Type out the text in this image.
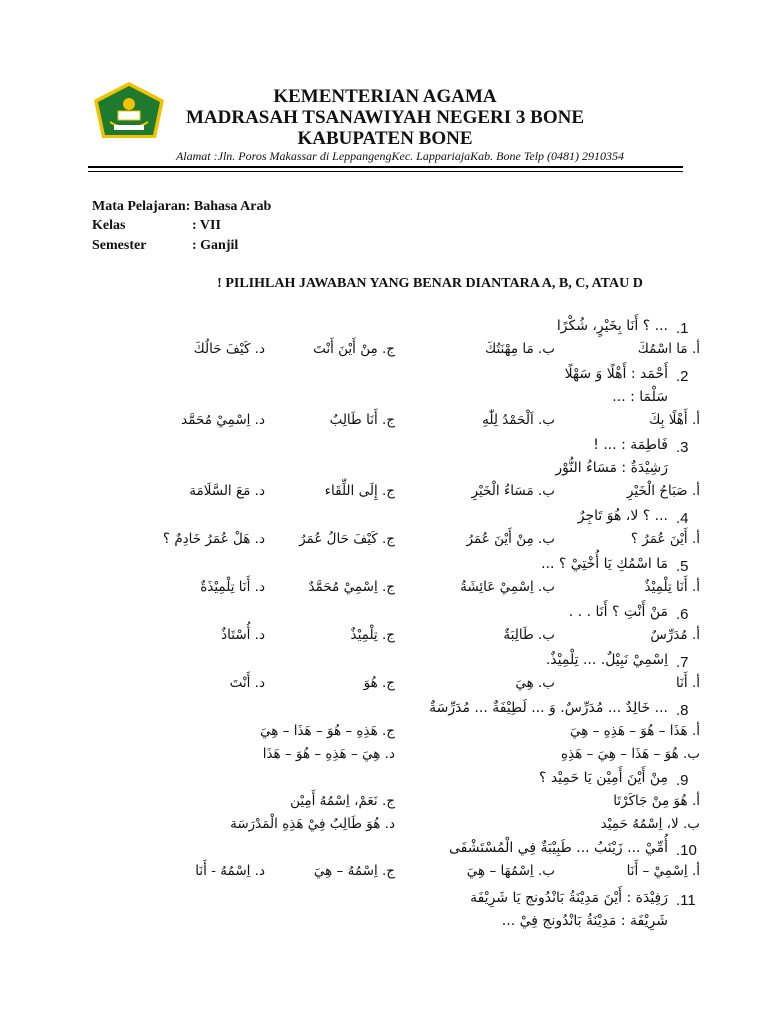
KEMENTERIAN AGAMA
MADRASAH TSANAWIYAH NEGERI 3 BONE
KABUPATEN BONE
Alamat :Jln. Poros Makassar di LeppangengKec. LappariajaKab. Bone Telp (0481) 2910354
Mata Pelajaran: Bahasa Arab
Kelas	: VII
Semester	: Ganjil
! PILIHLAH JAWABAN YANG BENAR DIANTARA A, B, C, ATAU D
.1
... ؟ أَنَا بِخَيْرٍ، شُكْرًا
أ. مَا اسْمُكَ
ب. مَا مِهْنَتُكَ
ج. مِنْ أَيْنَ أَنْتَ
د. كَيْفَ حَالُكَ
.2
أَحْمَد : أَهْلًا وَ سَهْلًا
سَلْمَا : ...
أ. أَهْلًا بِكَ
ب. اَلْحَمْدُ لِلّٰهِ
ج. أَنَا طَالِبٌ
د. اِسْمِيْ مُحَمَّد
.3
فَاطِمَة : ... !
رَشِيْدَةٌ : مَسَاءُ النُّوْر
أ. صَبَاحُ الْخَيْرِ
ب. مَسَاءُ الْخَيْرِ
ج. إِلَى اللِّقَاء
د. مَعَ السَّلَامَة
.4
... ؟ لا، هُوَ تَاجِرٌ
أ. أَيْنَ عُمَرُ ؟
ب. مِنْ أَيْنَ عُمَرُ
ج. كَيْفَ حَالُ عُمَرُ
د. هَلْ عُمَرُ خَادِمٌ ؟
.5
مَا اسْمُكِ يَا أُخْتِيْ ؟ ...
أ. أَنَا تِلْمِيْذٌ
ب. اِسْمِيْ عَائِشَةُ
ج. اِسْمِيْ مُحَمَّدٌ
د. أَنَا تِلْمِيْذَةٌ
.6
مَنْ أَنْتِ ؟ أَنَا . . .
أ. مُدَرِّسٌ
ب. طَالِبَةٌ
ج. تِلْمِيْذٌ
د. أُسْتَاذٌ
.7
اِسْمِيْ نَبِيْلٌ. ... تِلْمِيْذٌ.
أ. أَنَا
ب. هِيَ
ج. هُوَ
د. أَنْتَ
.8
... خَالِدٌ ... مُدَرِّسٌ. وَ ... لَطِيْفَةٌ ... مُدَرِّسَةٌ
أ. هَذَا – هُوَ – هَذِهِ – هِيَ
ب. هُوَ – هَذَا – هِيَ – هَذِهِ
ج. هَذِهِ – هُوَ – هَذَا – هِيَ
د. هِيَ – هَذِهِ – هُوَ – هَذَا
.9
مِنْ أَيْنَ أَمِيْن يَا حَمِيْد ؟
أ. هُوَ مِنْ جَاكَرْتَا
ب. لا، اِسْمُهُ حَمِيْد
ج. نَعَمْ، اِسْمُهُ أَمِيْن
د. هُوَ طَالِبٌ فِيْ هَذِهِ الْمَدْرَسَة
.10
أُمِّيْ ... زَيْنَبُ ... طَبِيْبَةٌ فِي الْمُسْتَشْفَى
أ. اِسْمِيْ – أَنَا
ب. اِسْمُهَا – هِيَ
ج. اِسْمُهُ – هِيَ
د. اِسْمُهُ - أَنَا
.11
رَفِيْدَة : أَيْنَ مَدِيْنَةُ بَانْدُونج يَا شَرِيْفَة
شَرِيْفَة : مَدِيْنَةُ بَانْدُونج فِيْ ...
